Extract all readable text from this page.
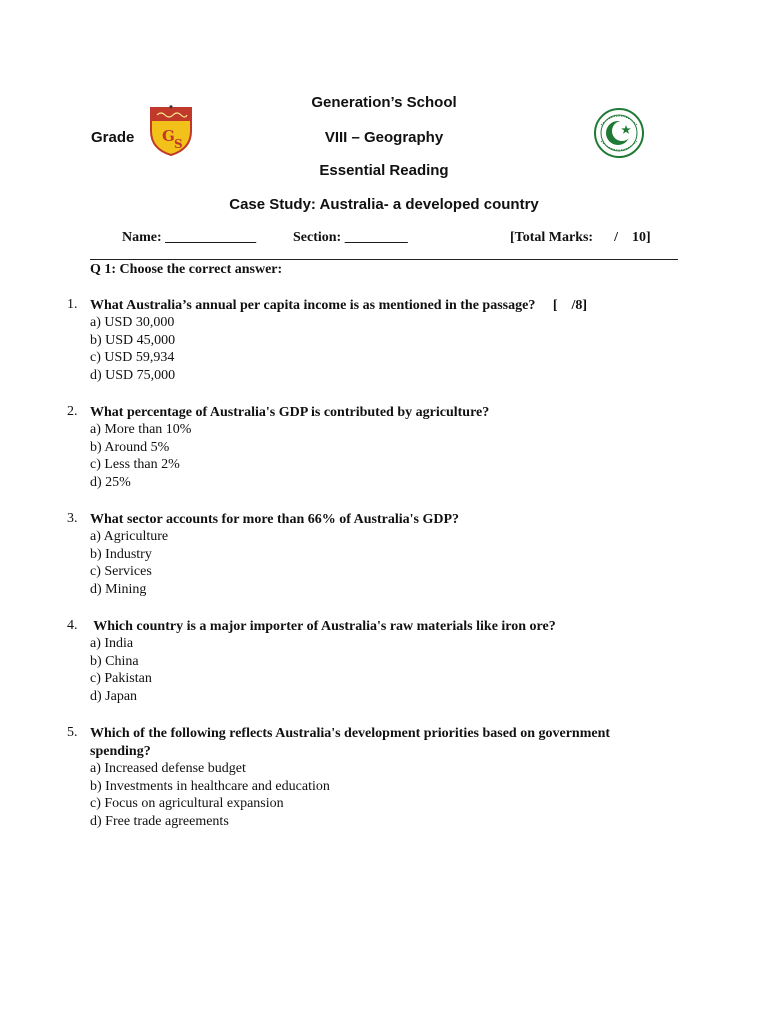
Generation’s School
Grade G S	VIII – Geography
Essential Reading
Case Study: Australia- a developed country
Name: _____________	Section: _________	[Total Marks:      /    10]
Q 1: Choose the correct answer:
1. What Australia’s annual per capita income is as mentioned in the passage?     [    /8]
a) USD 30,000
b) USD 45,000
c) USD 59,934
d) USD 75,000
2. What percentage of Australia's GDP is contributed by agriculture?
a) More than 10%
b) Around 5%
c) Less than 2%
d) 25%
3. What sector accounts for more than 66% of Australia's GDP?
a) Agriculture
b) Industry
c) Services
d) Mining
4. Which country is a major importer of Australia's raw materials like iron ore?
a) India
b) China
c) Pakistan
d) Japan
5. Which of the following reflects Australia's development priorities based on government spending?
a) Increased defense budget
b) Investments in healthcare and education
c) Focus on agricultural expansion
d) Free trade agreements
